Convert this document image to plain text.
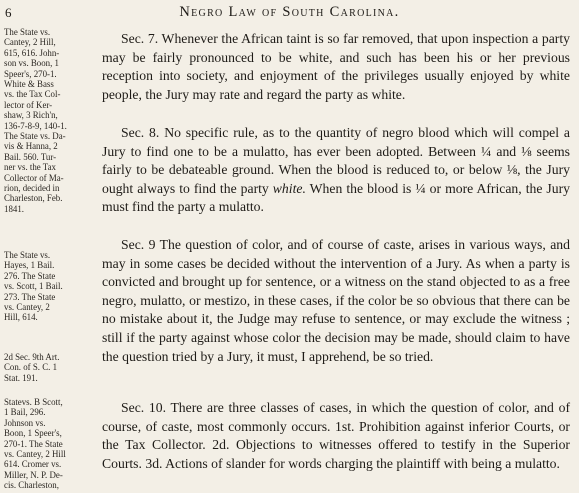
6	Negro Law of South Carolina.
The State vs.
Cantey, 2 Hill,
615, 616. John-
son vs. Boon, 1
Speer's, 270-1.
White & Bass
vs. the Tax Col-
lector of Ker-
shaw, 3 Rich'n,
136-7-8-9, 140-1.
The State vs. Da-
vis & Hanna, 2
Bail. 560. Tur-
ner vs. the Tax
Collector of Ma-
rion, decided in
Charleston, Feb.
1841.
The State vs.
Hayes, 1 Bail.
276. The State
vs. Scott, 1 Bail.
273. The State
vs. Cantey, 2
Hill, 614.
2d Sec. 9th Art.
Con. of S. C. 1
Stat. 191.
Statevs. B Scott,
1 Bail, 296.
Johnson vs.
Boon, 1 Speer's,
270-1. The State
vs. Cantey, 2 Hill
614. Cromer vs.
Miller, N. P. De-
cis. Charleston,

Sec. 7. Whenever the African taint is so far removed, that upon inspection a party may be fairly pronounced to be white, and such has been his or her previous reception into society, and enjoyment of the privileges usually enjoyed by white people, the Jury may rate and regard the party as white.

Sec. 8. No specific rule, as to the quantity of negro blood which will compel a Jury to find one to be a mulatto, has ever been adopted. Between ¼ and ⅛ seems fairly to be debateable ground. When the blood is reduced to, or below ⅛, the Jury ought always to find the party white. When the blood is ¼ or more African, the Jury must find the party a mulatto.

Sec. 9 The question of color, and of course of caste, arises in various ways, and may in some cases be decided without the intervention of a Jury. As when a party is convicted and brought up for sentence, or a witness on the stand objected to as a free negro, mulatto, or mestizo, in these cases, if the color be so obvious that there can be no mistake about it, the Judge may refuse to sentence, or may exclude the witness ; still if the party against whose color the decision may be made, should claim to have the question tried by a Jury, it must, I apprehend, be so tried.

Sec. 10. There are three classes of cases, in which the question of color, and of course, of caste, most commonly occurs. 1st. Prohibition against inferior Courts, or the Tax Collector. 2d. Objections to witnesses offered to testify in the Superior Courts. 3d. Actions of slander for words charging the plaintiff with being a mulatto.
